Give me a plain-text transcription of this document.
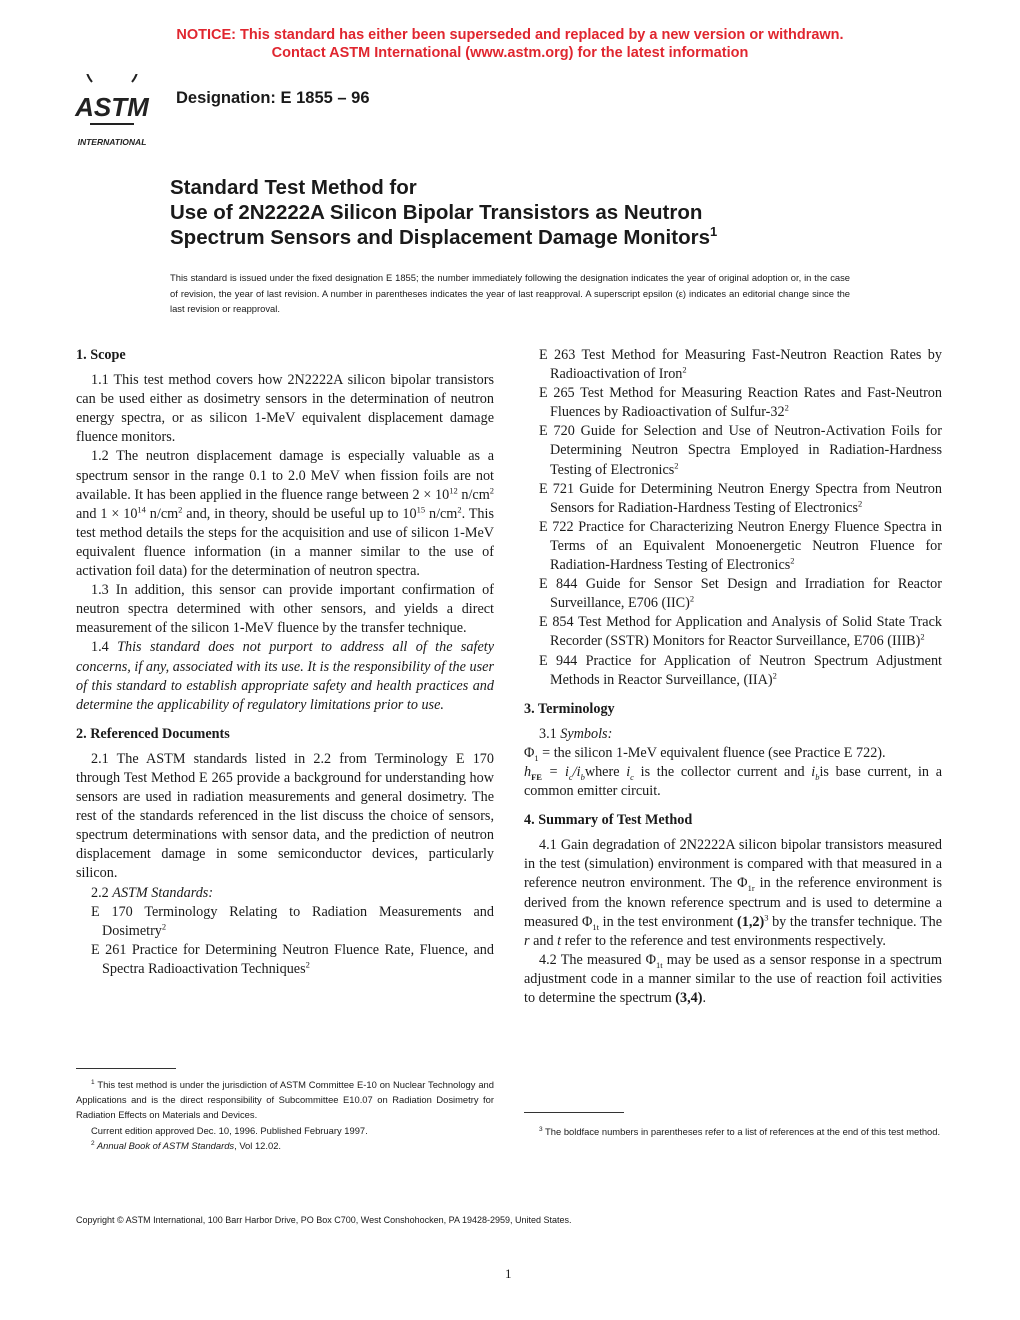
NOTICE: This standard has either been superseded and replaced by a new version or withdrawn.
Contact ASTM International (www.astm.org) for the latest information
ASTM
INTERNATIONAL
Designation: E 1855 – 96
Standard Test Method for
Use of 2N2222A Silicon Bipolar Transistors as Neutron
Spectrum Sensors and Displacement Damage Monitors$^1$
This standard is issued under the fixed designation E 1855; the number immediately following the designation indicates the year of original adoption or, in the case of revision, the year of last revision. A number in parentheses indicates the year of last reapproval. A superscript epsilon (ε) indicates an editorial change since the last revision or reapproval.
1. Scope

1.1 This test method covers how 2N2222A silicon bipolar transistors can be used either as dosimetry sensors in the determination of neutron energy spectra, or as silicon 1-MeV equivalent displacement damage fluence monitors.

1.2 The neutron displacement damage is especially valuable as a spectrum sensor in the range 0.1 to 2.0 MeV when fission foils are not available. It has been applied in the fluence range between $2 \times 10^{12}$ $n/cm^2$ and $1 \times 10^{14}$ $n/cm^2$ and, in theory, should be useful up to $10^{15}$ $n/cm^2$. This test method details the steps for the acquisition and use of silicon 1-MeV equivalent fluence information (in a manner similar to the use of activation foil data) for the determination of neutron spectra.

1.3 In addition, this sensor can provide important confirmation of neutron spectra determined with other sensors, and yields a direct measurement of the silicon 1-MeV fluence by the transfer technique.

1.4 This standard does not purport to address all of the safety concerns, if any, associated with its use. It is the responsibility of the user of this standard to establish appropriate safety and health practices and determine the applicability of regulatory limitations prior to use.

2. Referenced Documents

2.1 The ASTM standards listed in 2.2 from Terminology E 170 through Test Method E 265 provide a background for understanding how sensors are used in radiation measurements and general dosimetry. The rest of the standards referenced in the list discuss the choice of sensors, spectrum determinations with sensor data, and the prediction of neutron displacement damage in some semiconductor devices, particularly silicon.

2.2 ASTM Standards:

E 170 Terminology Relating to Radiation Measurements and Dosimetry$^2$

E 261 Practice for Determining Neutron Fluence Rate, Fluence, and Spectra Radioactivation Techniques$^2$

E 263 Test Method for Measuring Fast-Neutron Reaction Rates by Radioactivation of Iron$^2$

E 265 Test Method for Measuring Reaction Rates and Fast-Neutron Fluences by Radioactivation of Sulfur-$32^2$

E 720 Guide for Selection and Use of Neutron-Activation Foils for Determining Neutron Spectra Employed in Radiation-Hardness Testing of Electronics$^2$

E 721 Guide for Determining Neutron Energy Spectra from Neutron Sensors for Radiation-Hardness Testing of Electronics$^2$

E 722 Practice for Characterizing Neutron Energy Fluence Spectra in Terms of an Equivalent Monoenergetic Neutron Fluence for Radiation-Hardness Testing of Electronics$^2$

E 844 Guide for Sensor Set Design and Irradiation for Reactor Surveillance, E706 (IIC)$^2$

E 854 Test Method for Application and Analysis of Solid State Track Recorder (SSTR) Monitors for Reactor Surveillance, E706 (IIIB)$^2$

E 944 Practice for Application of Neutron Spectrum Adjustment Methods in Reactor Surveillance, (IIA)$^2$

3. Terminology

3.1 Symbols:

$\Phi_1$ = the silicon 1-MeV equivalent fluence (see Practice E 722).

$h_{FE}$ = $i_c/i_bwhere$ $i_c$ is the collector current and $i_bis$ base current, in a common emitter circuit.

4. Summary of Test Method

4.1 Gain degradation of 2N2222A silicon bipolar transistors measured in the test (simulation) environment is compared with that measured in a reference neutron environment. The $\Phi_{1r}$ in the reference environment is derived from the known reference spectrum and is used to determine a measured $\Phi_{1t}$ in the test environment $(1,2)^3$ by the transfer technique. The r and t refer to the reference and test environments respectively.

4.2 The measured $\Phi_{1t}$ may be used as a sensor response in a spectrum adjustment code in a manner similar to the use of reaction foil activities to determine the spectrum (3,4).

$^1$ This test method is under the jurisdiction of ASTM Committee E-10 on Nuclear Technology and Applications and is the direct responsibility of Subcommittee E10.07 on Radiation Dosimetry for Radiation Effects on Materials and Devices.

Current edition approved Dec. 10, 1996. Published February 1997.

$^2$ Annual Book of ASTM Standards, Vol 12.02.

$^3$ The boldface numbers in parentheses refer to a list of references at the end of this test method.

Copyright © ASTM International, 100 Barr Harbor Drive, PO Box C700, West Conshohocken, PA 19428-2959, United States.
1
